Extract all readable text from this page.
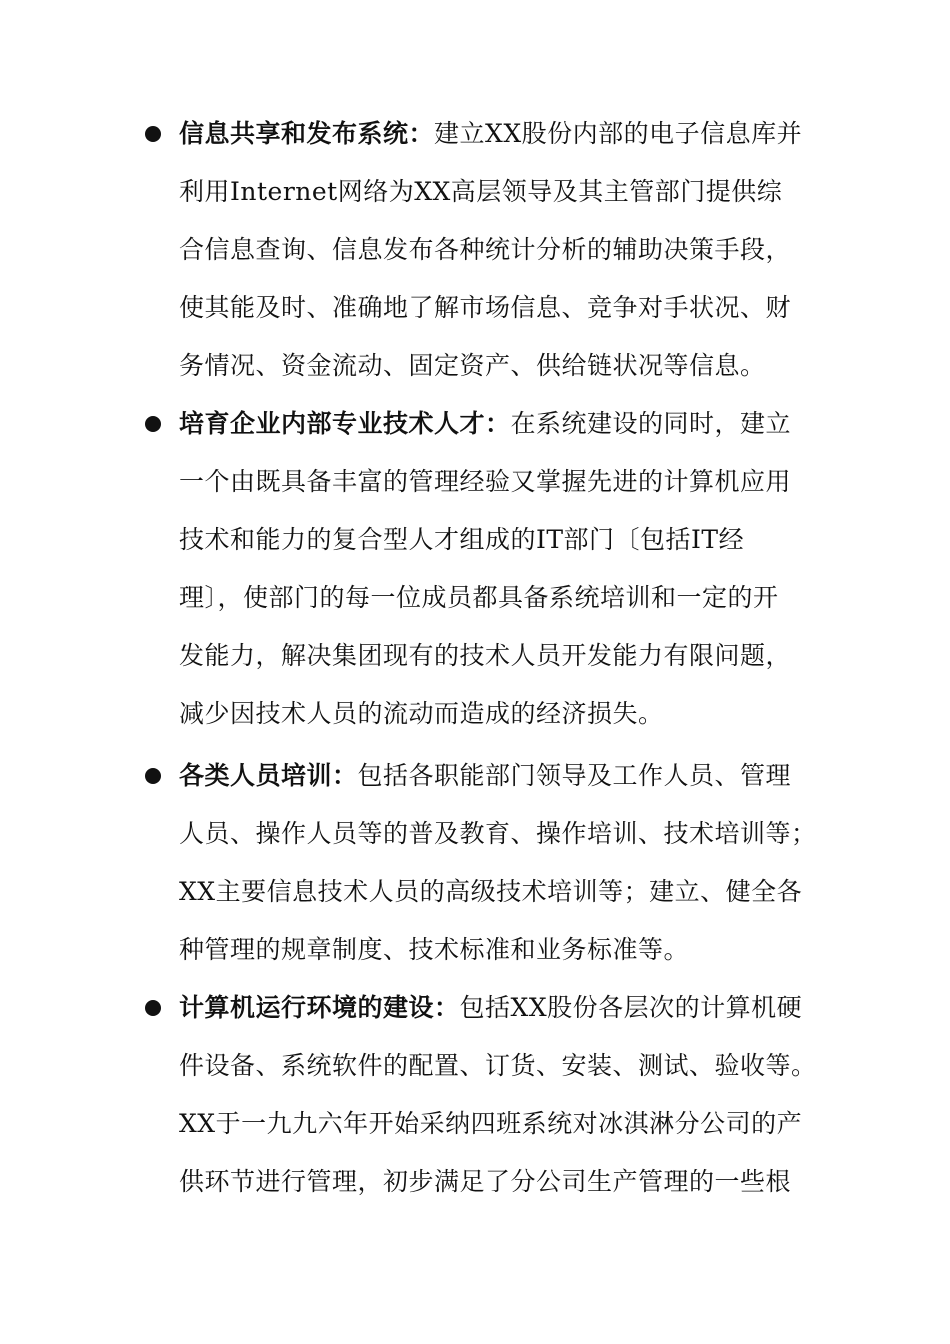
信息共享和发布系统：建立XX股份内部的电子信息库并
利用Internet网络为XX高层领导及其主管部门提供综
合信息查询、信息发布各种统计分析的辅助决策手段，
使其能及时、准确地了解市场信息、竞争对手状况、财
务情况、资金流动、固定资产、供给链状况等信息。
培育企业内部专业技术人才：在系统建设的同时，建立
一个由既具备丰富的管理经验又掌握先进的计算机应用
技术和能力的复合型人才组成的IT部门〔包括IT经
理〕，使部门的每一位成员都具备系统培训和一定的开
发能力，解决集团现有的技术人员开发能力有限问题，
减少因技术人员的流动而造成的经济损失。
各类人员培训：包括各职能部门领导及工作人员、管理
人员、操作人员等的普及教育、操作培训、技术培训等；
XX主要信息技术人员的高级技术培训等；建立、健全各
种管理的规章制度、技术标准和业务标准等。
计算机运行环境的建设：包括XX股份各层次的计算机硬
件设备、系统软件的配置、订货、安装、测试、验收等。
XX于一九九六年开始采纳四班系统对冰淇淋分公司的产
供环节进行管理，初步满足了分公司生产管理的一些根
